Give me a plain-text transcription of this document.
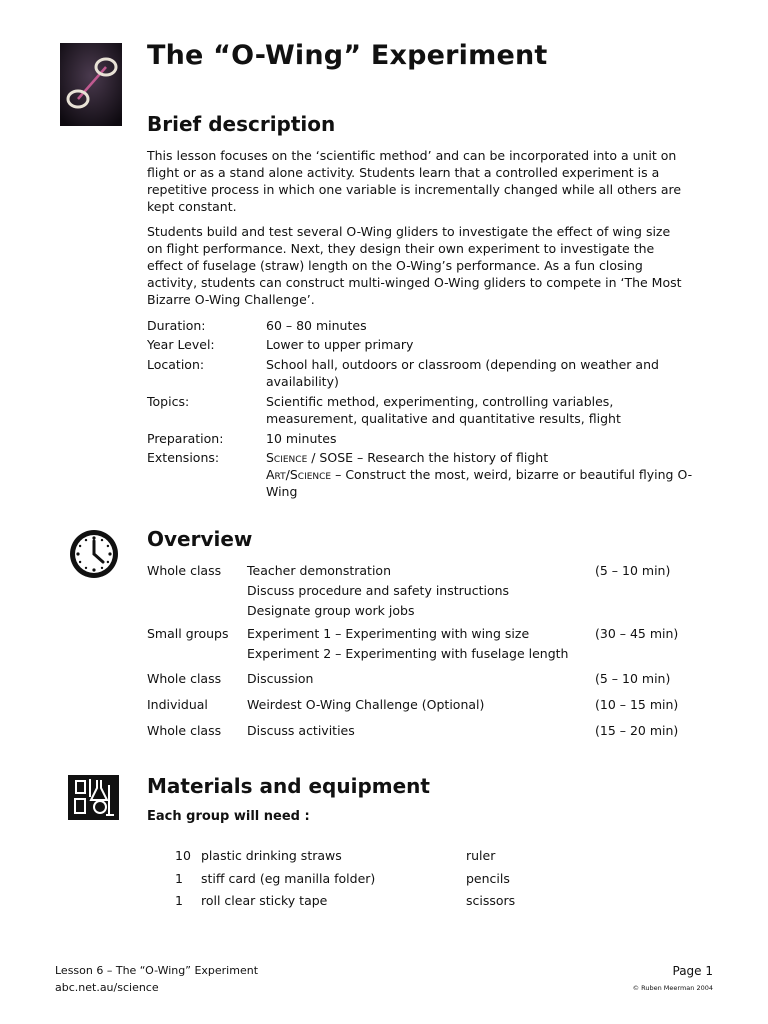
The “O-Wing” Experiment
Brief description

This lesson focuses on the ‘scientific method’ and can be incorporated into a unit on flight or as a stand alone activity. Students learn that a controlled experiment is a repetitive process in which one variable is incrementally changed while all others are kept constant.

Students build and test several O-Wing gliders to investigate the effect of wing size on flight performance. Next, they design their own experiment to investigate the effect of fuselage (straw) length on the O-Wing’s performance. As a fun closing activity, students can construct multi-winged O-Wing gliders to compete in ‘The Most Bizarre O-Wing Challenge’.

Duration:	60 – 80 minutes
Year Level:	Lower to upper primary
Location:	School hall, outdoors or classroom (depending on weather and availability)
Topics:	Scientific method, experimenting, controlling variables, measurement, qualitative and quantitative results, flight
Preparation:	10 minutes
Extensions:	Science / SOSE – Research the history of flight
Art/Science – Construct the most, weird, bizarre or beautiful flying O-Wing
Overview
Whole class Teacher demonstration	(5 – 10 min)
Discuss procedure and safety instructions
Designate group work jobs
Small groups Experiment 1 – Experimenting with wing size	(30 – 45 min)
Experiment 2 – Experimenting with fuselage length
Whole class Discussion	(5 – 10 min)
Individual	Weirdest O-Wing Challenge (Optional)	(10 – 15 min)
Whole class Discuss activities	(15 – 20 min)
Materials and equipment
Each group will need :
10 plastic drinking straws	ruler
1 stiff card (eg manilla folder)	pencils
1 roll clear sticky tape	scissors
Lesson 6 – The “O-Wing” Experiment
abc.net.au/science
Page 1
© Ruben Meerman 2004
